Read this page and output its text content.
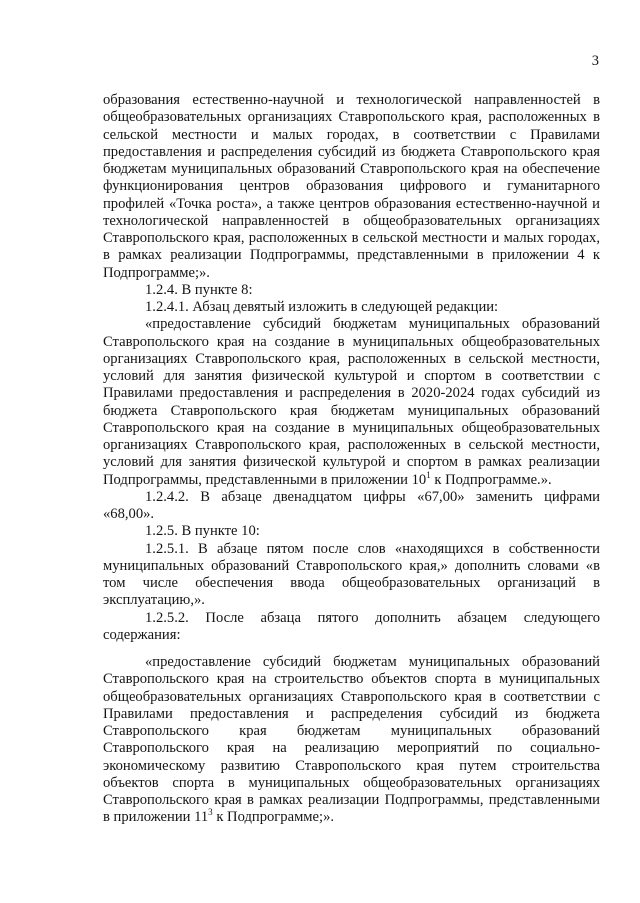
3

образования естественно-научной и технологической направленностей в общеобразовательных организациях Ставропольского края, расположенных в сельской местности и малых городах, в соответствии с Правилами предоставления и распределения субсидий из бюджета Ставропольского края бюджетам муниципальных образований Ставропольского края на обеспечение функционирования центров образования цифрового и гуманитарного профилей «Точка роста», а также центров образования естественно-научной и технологической направленностей в общеобразовательных организациях Ставропольского края, расположенных в сельской местности и малых городах, в рамках реализации Подпрограммы, представленными в приложении 4 к Подпрограмме;».

1.2.4. В пункте 8:

1.2.4.1. Абзац девятый изложить в следующей редакции:

«предоставление субсидий бюджетам муниципальных образований Ставропольского края на создание в муниципальных общеобразовательных организациях Ставропольского края, расположенных в сельской местности, условий для занятия физической культурой и спортом в соответствии с Правилами предоставления и распределения в 2020-2024 годах субсидий из бюджета Ставропольского края бюджетам муниципальных образований Ставропольского края на создание в муниципальных общеобразовательных организациях Ставропольского края, расположенных в сельской местности, условий для занятия физической культурой и спортом в рамках реализации Подпрограммы, представленными в приложении $10^1$ к Подпрограмме.».

1.2.4.2. В абзаце двенадцатом цифры «67,00» заменить цифрами «68,00».

1.2.5. В пункте 10:

1.2.5.1. В абзаце пятом после слов «находящихся в собственности муниципальных образований Ставропольского края,» дополнить словами «в том числе обеспечения ввода общеобразовательных организаций в эксплуатацию,».

1.2.5.2. После абзаца пятого дополнить абзацем следующего содержания:

«предоставление субсидий бюджетам муниципальных образований Ставропольского края на строительство объектов спорта в муниципальных общеобразовательных организациях Ставропольского края в соответствии с Правилами предоставления и распределения субсидий из бюджета Ставропольского края бюджетам муниципальных образований Ставропольского края на реализацию мероприятий по социально-экономическому развитию Ставропольского края путем строительства объектов спорта в муниципальных общеобразовательных организациях Ставропольского края в рамках реализации Подпрограммы, представленными в приложении $11^3$ к Подпрограмме;».
